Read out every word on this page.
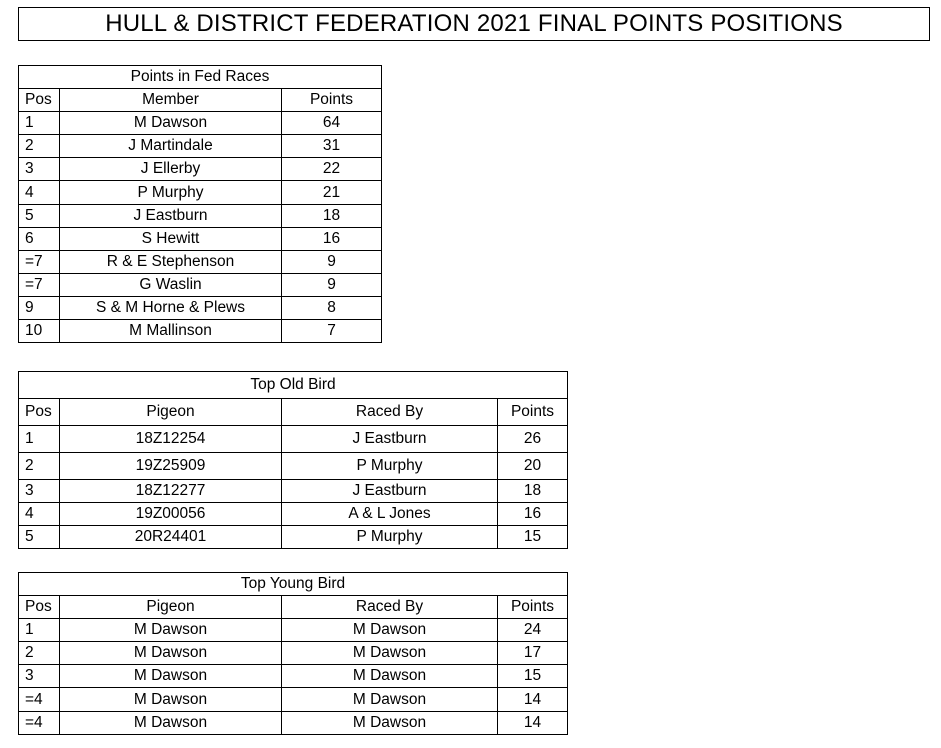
HULL & DISTRICT FEDERATION 2021 FINAL POINTS POSITIONS
Points in Fed Races		
Pos	Member	Points
1	M Dawson	64
2	J Martindale	31
3	J Ellerby	22
4	P Murphy	21
5	J Eastburn	18
6	S Hewitt	16
=7	R & E Stephenson	9
=7	G Waslin	9
9	S & M Horne & Plews	8
10	M Mallinson	7
Top Old Bird			
Pos	Pigeon	Raced By	Points
1	18Z12254	J Eastburn	26
2	19Z25909	P Murphy	20
3	18Z12277	J Eastburn	18
4	19Z00056	A & L Jones	16
5	20R24401	P Murphy	15
Top Young Bird			
Pos	Pigeon	Raced By	Points
1	M Dawson	M Dawson	24
2	M Dawson	M Dawson	17
3	M Dawson	M Dawson	15
=4	M Dawson	M Dawson	14
=4	M Dawson	M Dawson	14
